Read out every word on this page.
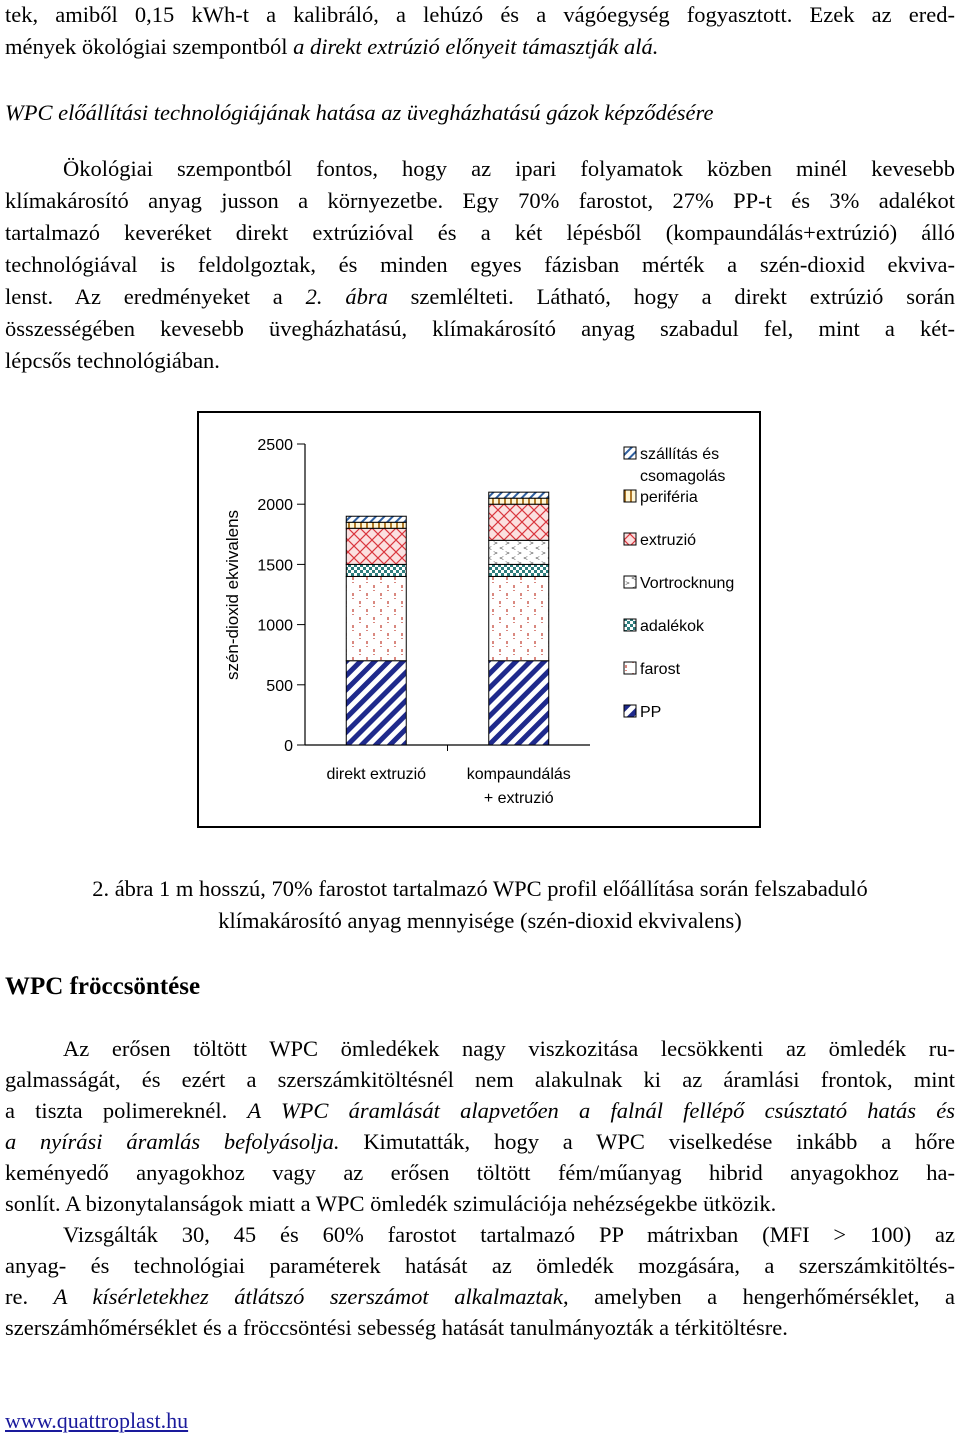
tek, amiből 0,15 kWh-t a kalibráló, a lehúzó és a vágóegység fogyasztott. Ezek az ered-
mények ökológiai szempontból a direkt extrúzió előnyeit támasztják alá.
WPC előállítási technológiájának hatása az üvegházhatású gázok képződésére
Ökológiai szempontból fontos, hogy az ipari folyamatok közben minél kevesebb
klímakárosító anyag jusson a környezetbe. Egy 70% farostot, 27% PP-t és 3% adalékot
tartalmazó keveréket direkt extrúzióval és a két lépésből (kompaundálás+extrúzió) álló
technológiával is feldolgoztak, és minden egyes fázisban mérték a szén-dioxid ekviva-
lenst. Az eredményeket a 2. ábra szemlélteti. Látható, hogy a direkt extrúzió során
összességében kevesebb üvegházhatású, klímakárosító anyag szabadul fel, mint a két-
lépcsős technológiában.
0
500
1000
1500
2000
2500
direkt extruzió	kompaundálás
+ extruzió
szállítás és
csomagolás
periféria
extruzió
Vortrocknung
adalékok
farost
PP
szén-dioxid ekvivalens
2. ábra 1 m hosszú, 70% farostot tartalmazó WPC profil előállítása során felszabaduló
klímakárosító anyag mennyisége (szén-dioxid ekvivalens)
WPC fröccsöntése
Az erősen töltött WPC ömledékek nagy viszkozitása lecsökkenti az ömledék ru-
galmasságát, és ezért a szerszámkitöltésnél nem alakulnak ki az áramlási frontok, mint
a tiszta polimereknél. A WPC áramlását alapvetően a falnál fellépő csúsztató hatás és
a nyírási áramlás befolyásolja. Kimutatták, hogy a WPC viselkedése inkább a hőre
keményedő anyagokhoz vagy az erősen töltött fém/műanyag hibrid anyagokhoz ha-
sonlít. A bizonytalanságok miatt a WPC ömledék szimulációja nehézségekbe ütközik.
Vizsgálták 30, 45 és 60% farostot tartalmazó PP mátrixban (MFI > 100) az
anyag- és technológiai paraméterek hatását az ömledék mozgására, a szerszámkitöltés-
re. A kísérletekhez átlátszó szerszámot alkalmaztak, amelyben a hengerhőmérséklet, a
szerszámhőmérséklet és a fröccsöntési sebesség hatását tanulmányozták a térkitöltésre.
www.quattroplast.hu
